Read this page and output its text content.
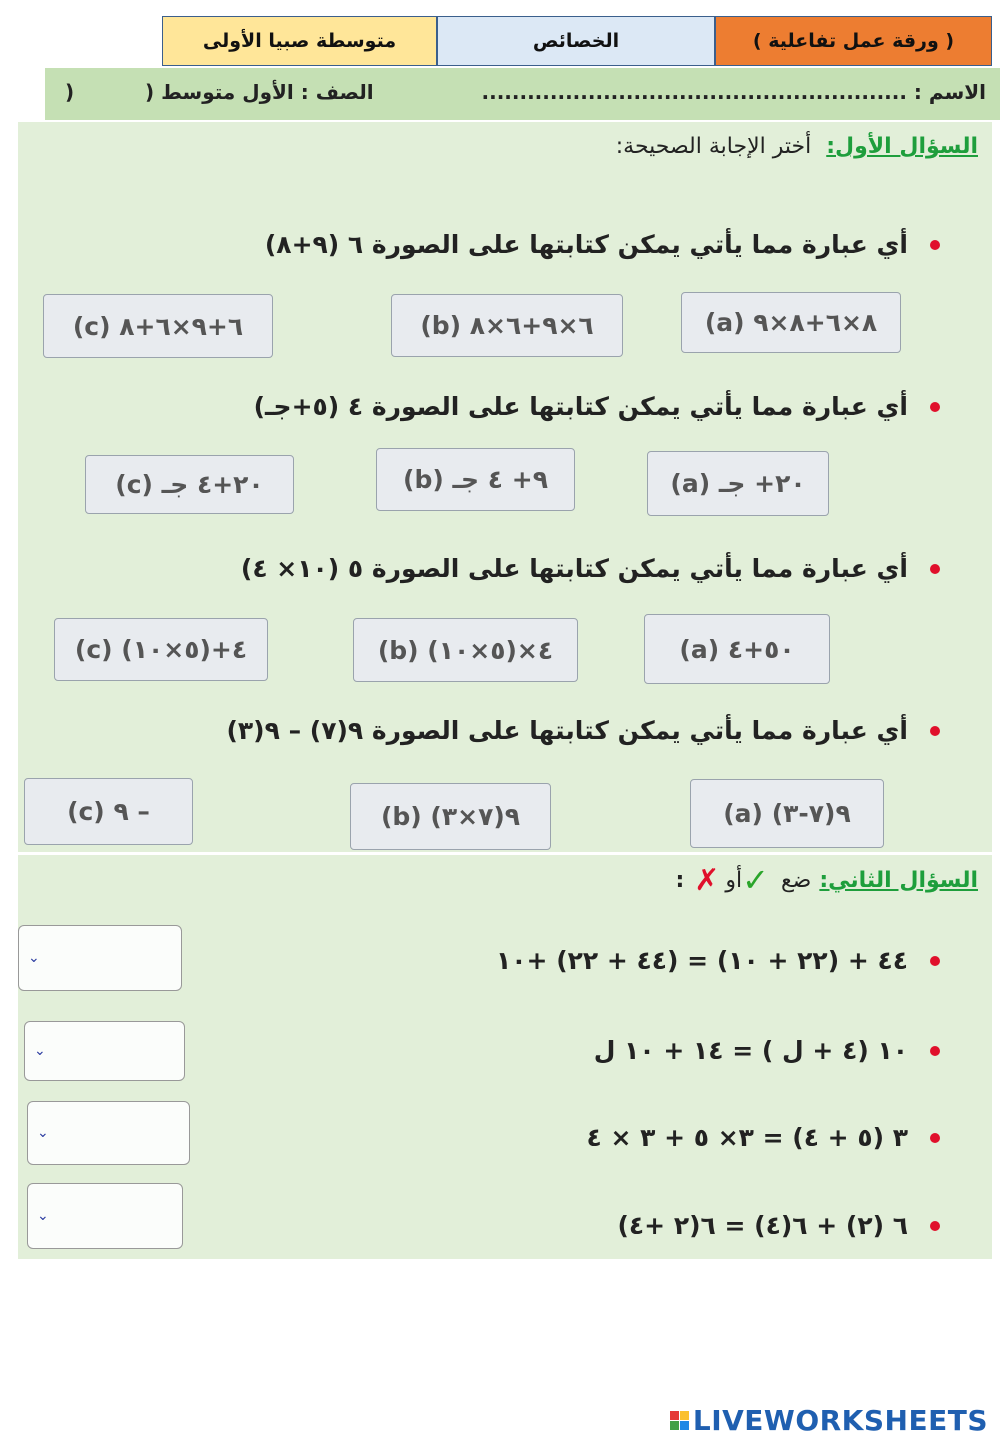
( ورقة عمل تفاعلية )
الخصائص
متوسطة صبيا الأولى
الاسم : ........................................................
الصف : الأول متوسط (
)
السؤال الأول: أختر الإجابة الصحيحة:
أي عبارة مما يأتي يمكن كتابتها على الصورة ٦ (٩+٨)
(a) ٨×٦+٨×٩
(b) ٦×٩+٦×٨
(c) ٦+٩×٦+٨
أي عبارة مما يأتي يمكن كتابتها على الصورة ٤ (٥+جـ)
(a) ٢٠+ جـ
(b) ٩+ ٤ جـ
(c) ٢٠+٤ جـ
أي عبارة مما يأتي يمكن كتابتها على الصورة ٥ (١٠× ٤)
(a) ٥٠+٤
(b) (٥×١٠)×٤
(c) (٥×١٠)+٤
أي عبارة مما يأتي يمكن كتابتها على الصورة ٩(٧) – ٩(٣)
(a) ٩(٧-٣)
(b) ٩(٧×٣)
(c) ٩ –
السؤال الثاني:
ضع
✓
أو
✗
:
٤٤ + (٢٢ + ١٠) = (٤٤ + ٢٢) +١٠
⌄
١٠ (٤ + ل ) = ١٤ + ١٠ ل
⌄
٣ (٥ + ٤) = ٣× ٥ + ٣ × ٤
⌄
٦ (٢) + ٦(٤) = ٦(٢ +٤)
⌄
LIVEWORKSHEETS
